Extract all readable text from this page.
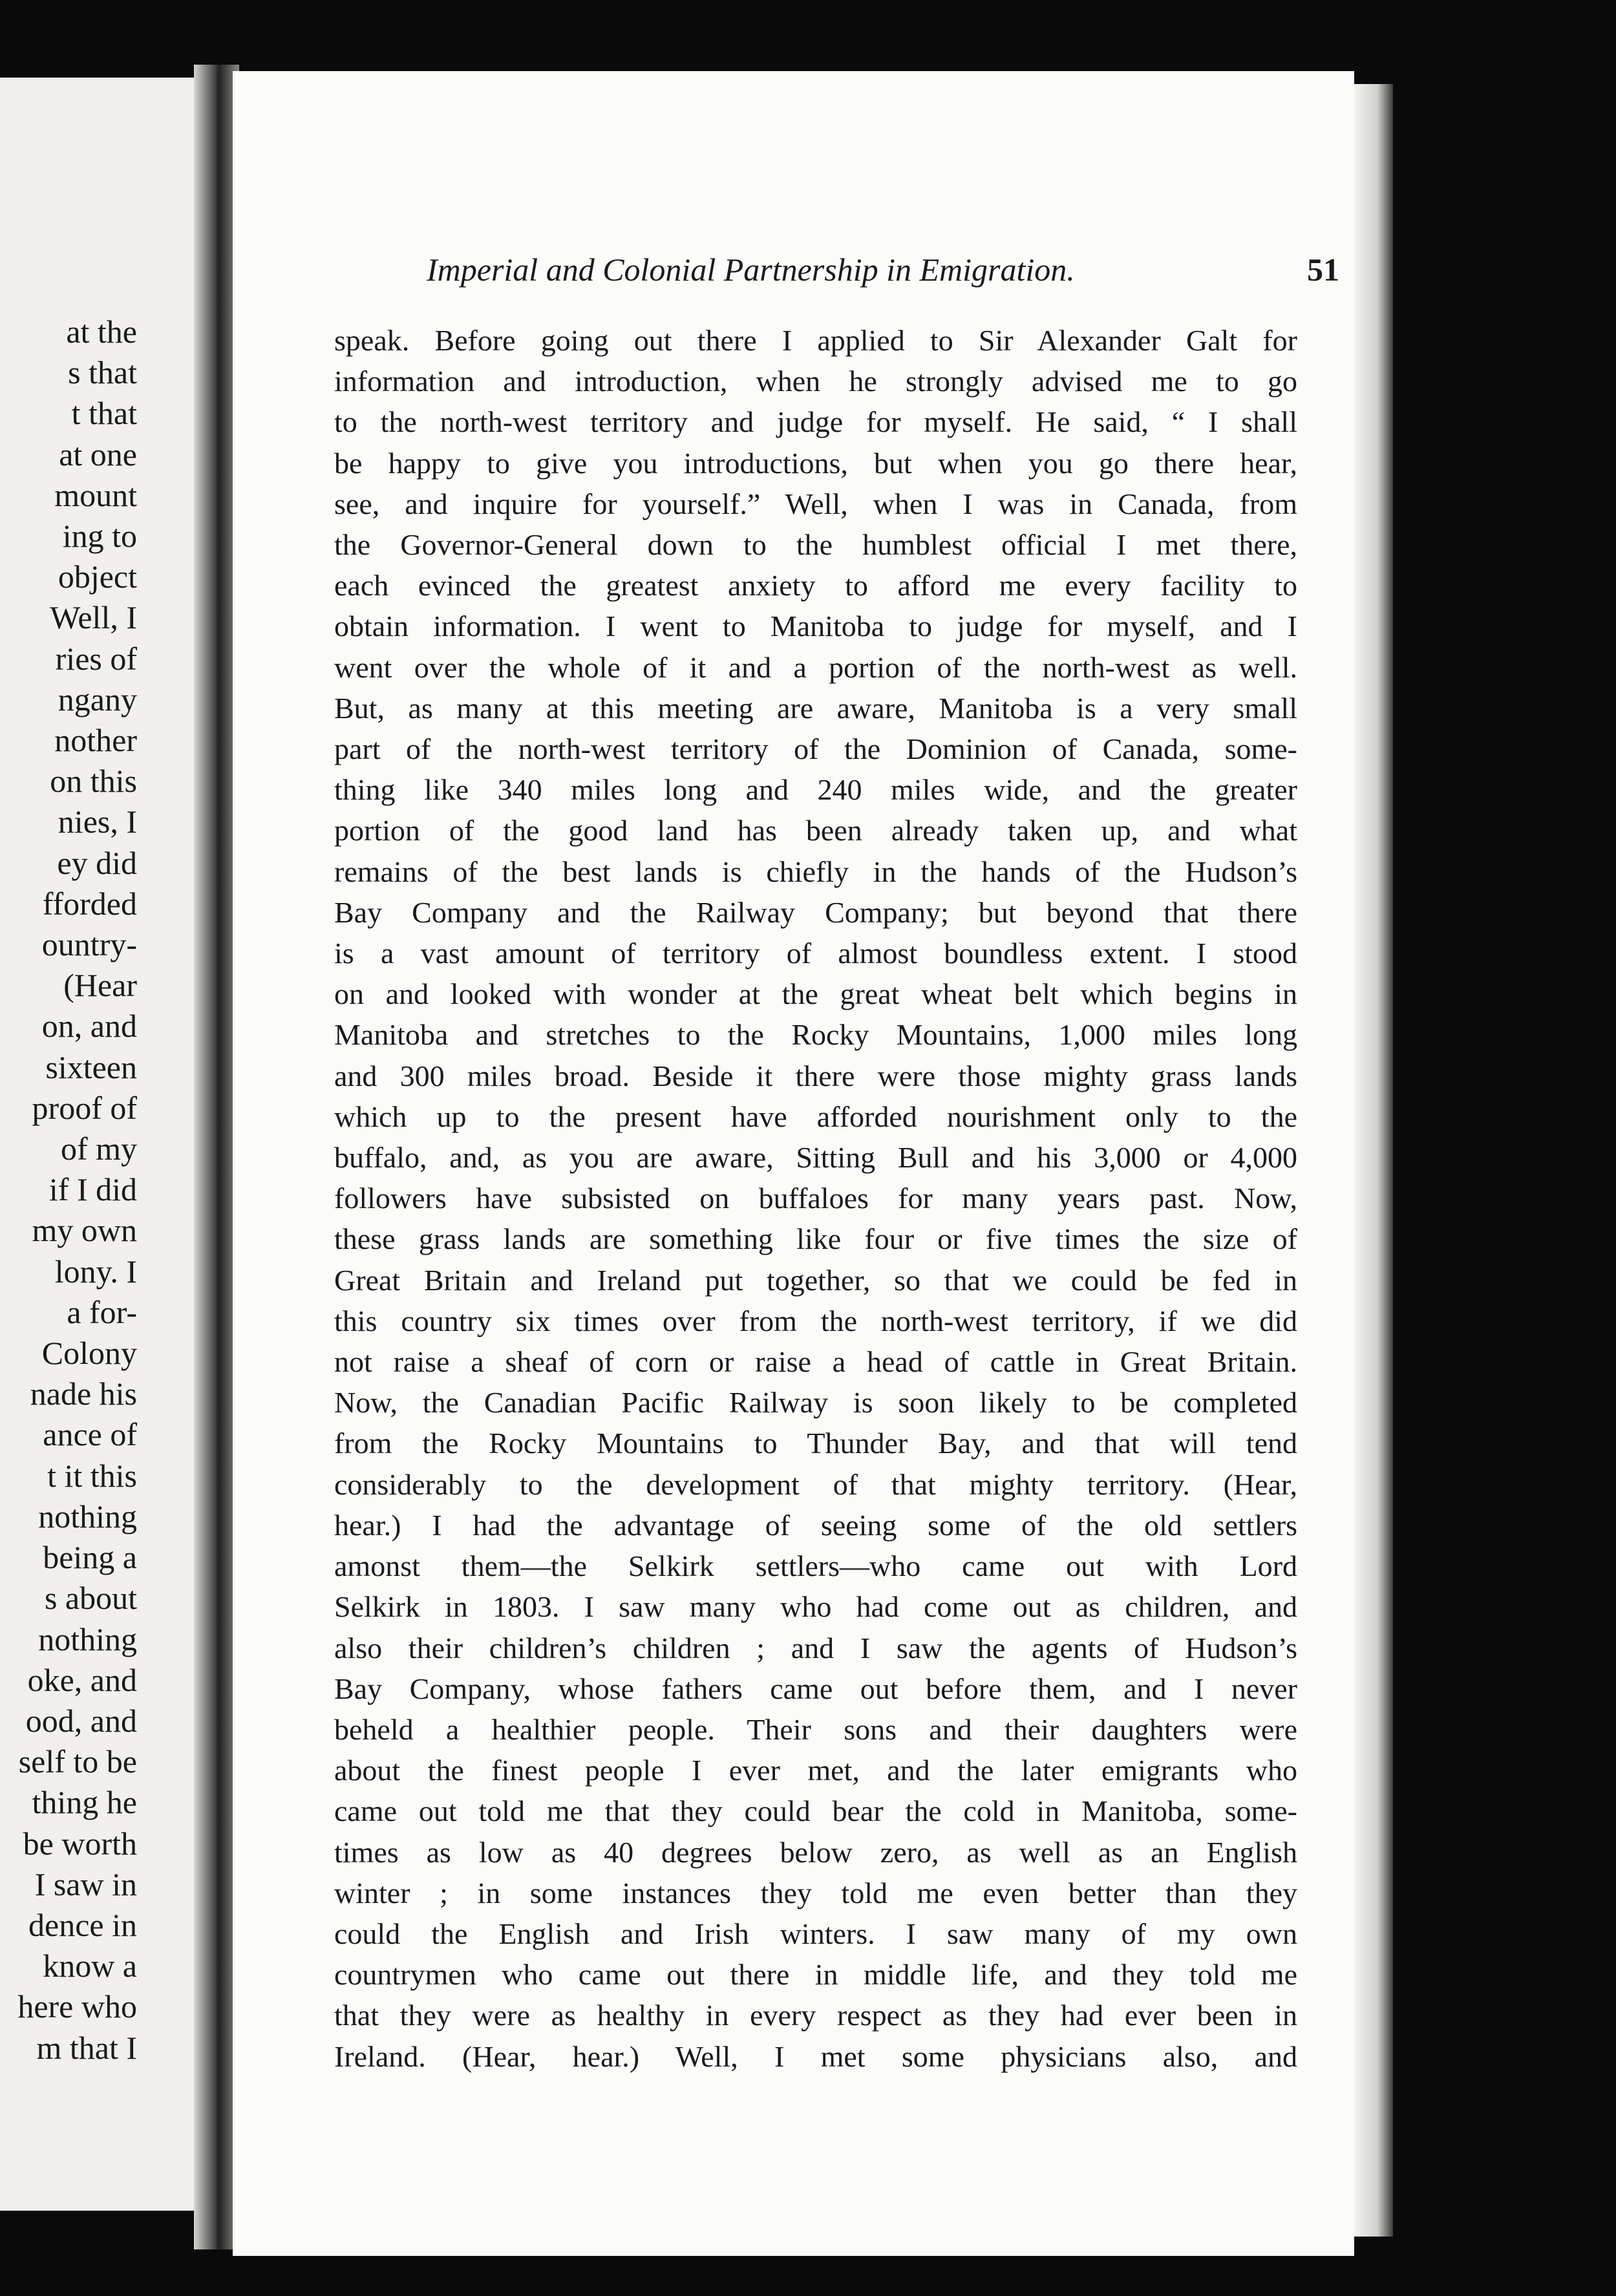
at the
s that
t that
at one
mount
ing to
object
Well, I
ries of
ngany
nother
on this
nies, I
ey did
fforded
ountry-
(Hear
on, and
sixteen
proof of
of my
if I did
my own
lony. I
a for-
Colony
nade his
ance of
t it this
nothing
being a
s about
nothing
oke, and
ood, and
self to be
thing he
be worth
I saw in
dence in
know a
here who
m that I
Imperial and Colonial Partnership in Emigration.	51
speak. Before going out there I applied to Sir Alexander Galt for
information and introduction, when he strongly advised me to go
to the north-west territory and judge for myself. He said, “ I shall
be happy to give you introductions, but when you go there hear,
see, and inquire for yourself.” Well, when I was in Canada, from
the Governor-General down to the humblest official I met there,
each evinced the greatest anxiety to afford me every facility to
obtain information. I went to Manitoba to judge for myself, and I
went over the whole of it and a portion of the north-west as well.
But, as many at this meeting are aware, Manitoba is a very small
part of the north-west territory of the Dominion of Canada, some-
thing like 340 miles long and 240 miles wide, and the greater
portion of the good land has been already taken up, and what
remains of the best lands is chiefly in the hands of the Hudson’s
Bay Company and the Railway Company; but beyond that there
is a vast amount of territory of almost boundless extent. I stood
on and looked with wonder at the great wheat belt which begins in
Manitoba and stretches to the Rocky Mountains, 1,000 miles long
and 300 miles broad. Beside it there were those mighty grass lands
which up to the present have afforded nourishment only to the
buffalo, and, as you are aware, Sitting Bull and his 3,000 or 4,000
followers have subsisted on buffaloes for many years past. Now,
these grass lands are something like four or five times the size of
Great Britain and Ireland put together, so that we could be fed in
this country six times over from the north-west territory, if we did
not raise a sheaf of corn or raise a head of cattle in Great Britain.
Now, the Canadian Pacific Railway is soon likely to be completed
from the Rocky Mountains to Thunder Bay, and that will tend
considerably to the development of that mighty territory. (Hear,
hear.) I had the advantage of seeing some of the old settlers
amonst them—the Selkirk settlers—who came out with Lord
Selkirk in 1803. I saw many who had come out as children, and
also their children’s children ; and I saw the agents of Hudson’s
Bay Company, whose fathers came out before them, and I never
beheld a healthier people. Their sons and their daughters were
about the finest people I ever met, and the later emigrants who
came out told me that they could bear the cold in Manitoba, some-
times as low as 40 degrees below zero, as well as an English
winter ; in some instances they told me even better than they
could the English and Irish winters. I saw many of my own
countrymen who came out there in middle life, and they told me
that they were as healthy in every respect as they had ever been in
Ireland. (Hear, hear.) Well, I met some physicians also, and
